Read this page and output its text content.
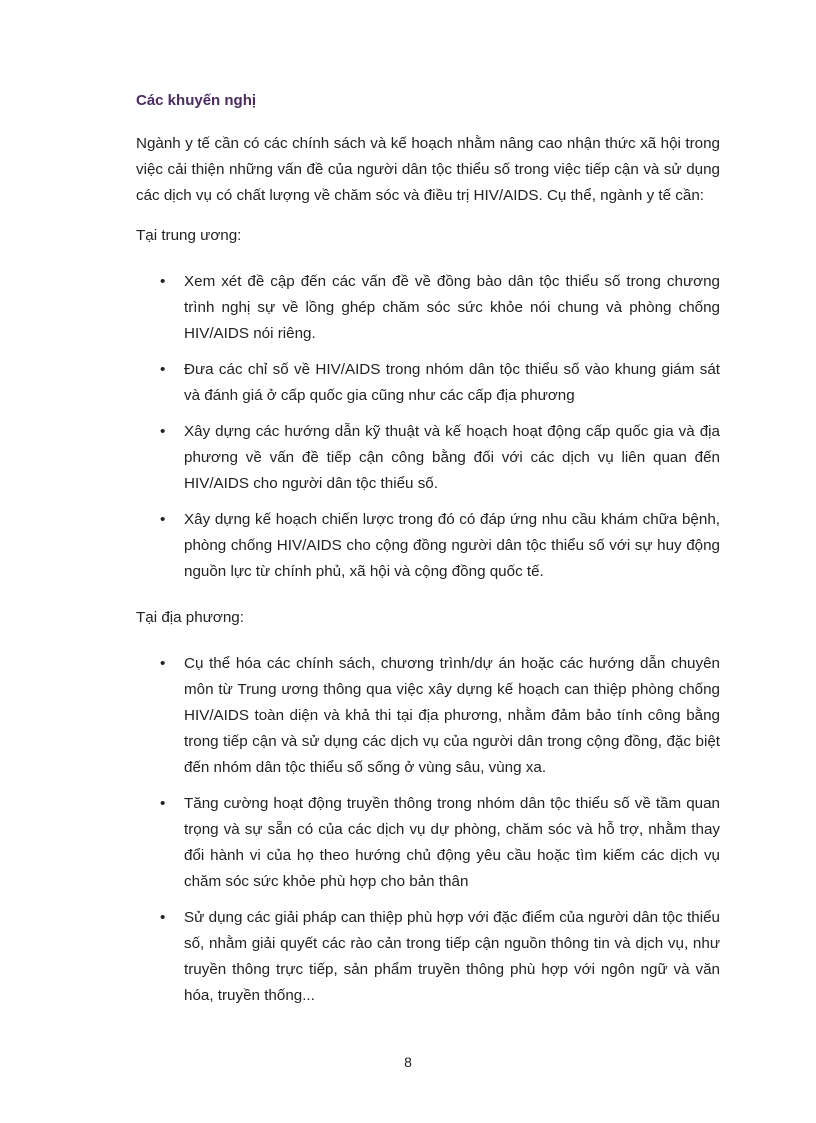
Các khuyến nghị

Ngành y tế cần có các chính sách và kế hoạch nhằm nâng cao nhận thức xã hội trong việc cải thiện những vấn đề của người dân tộc thiểu số trong việc tiếp cận và sử dụng các dịch vụ có chất lượng về chăm sóc và điều trị HIV/AIDS. Cụ thể, ngành y tế cần:

Tại trung ương:

• Xem xét đề cập đến các vấn đề về đồng bào dân tộc thiểu số trong chương trình nghị sự về lồng ghép chăm sóc sức khỏe nói chung và phòng chống HIV/AIDS nói riêng.
• Đưa các chỉ số về HIV/AIDS trong nhóm dân tộc thiểu số vào khung giám sát và đánh giá ở cấp quốc gia cũng như các cấp địa phương
• Xây dựng các hướng dẫn kỹ thuật và kế hoạch hoạt động cấp quốc gia và địa phương về vấn đề tiếp cận công bằng đối với các dịch vụ liên quan đến HIV/AIDS cho người dân tộc thiểu số.
• Xây dựng kế hoạch chiến lược trong đó có đáp ứng nhu cầu khám chữa bệnh, phòng chống HIV/AIDS cho cộng đồng người dân tộc thiểu số với sự huy động nguồn lực từ chính phủ, xã hội và cộng đồng quốc tế.

Tại địa phương:

• Cụ thể hóa các chính sách, chương trình/dự án hoặc các hướng dẫn chuyên môn từ Trung ương thông qua việc xây dựng kế hoạch can thiệp phòng chống HIV/AIDS toàn diện và khả thi tại địa phương, nhằm đảm bảo tính công bằng trong tiếp cận và sử dụng các dịch vụ của người dân trong cộng đồng, đặc biệt đến nhóm dân tộc thiểu số sống ở vùng sâu, vùng xa.
• Tăng cường hoạt động truyền thông trong nhóm dân tộc thiểu số về tầm quan trọng và sự sẵn có của các dịch vụ dự phòng, chăm sóc và hỗ trợ, nhằm thay đổi hành vi của họ theo hướng chủ động yêu cầu hoặc tìm kiếm các dịch vụ chăm sóc sức khỏe phù hợp cho bản thân
• Sử dụng các giải pháp can thiệp phù hợp với đặc điểm của người dân tộc thiểu số, nhằm giải quyết các rào cản trong tiếp cận nguồn thông tin và dịch vụ, như truyền thông trực tiếp, sản phẩm truyền thông phù hợp với ngôn ngữ và văn hóa, truyền thống...
8
